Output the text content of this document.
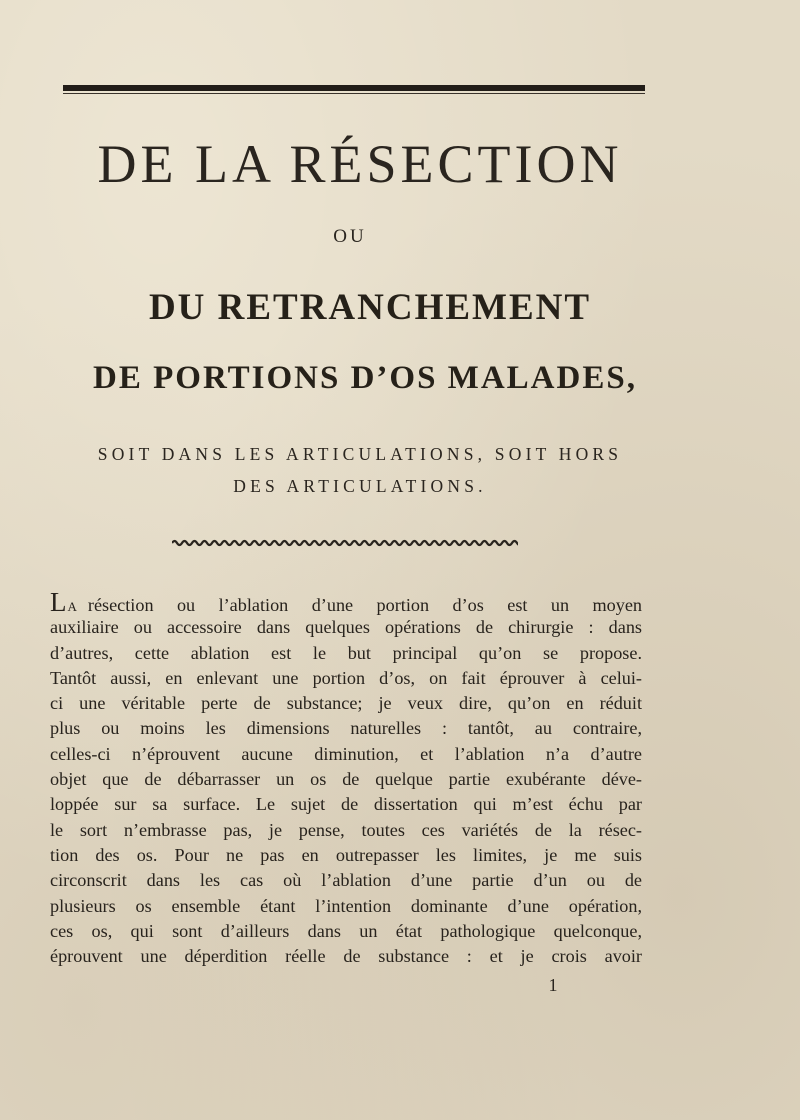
DE LA RÉSECTION
OU
DU RETRANCHEMENT
DE PORTIONS D’OS MALADES,
SOIT DANS LES ARTICULATIONS, SOIT HORS
DES ARTICULATIONS.
LA résection ou l’ablation d’une portion d’os est un moyen
auxiliaire ou accessoire dans quelques opérations de chirurgie : dans
d’autres, cette ablation est le but principal qu’on se propose.
Tantôt aussi, en enlevant une portion d’os, on fait éprouver à celui-
ci une véritable perte de substance; je veux dire, qu’on en réduit
plus ou moins les dimensions naturelles : tantôt, au contraire,
celles-ci n’éprouvent aucune diminution, et l’ablation n’a d’autre
objet que de débarrasser un os de quelque partie exubérante déve-
loppée sur sa surface. Le sujet de dissertation qui m’est échu par
le sort n’embrasse pas, je pense, toutes ces variétés de la résec-
tion des os. Pour ne pas en outrepasser les limites, je me suis
circonscrit dans les cas où l’ablation d’une partie d’un ou de
plusieurs os ensemble étant l’intention dominante d’une opération,
ces os, qui sont d’ailleurs dans un état pathologique quelconque,
éprouvent une déperdition réelle de substance : et je crois avoir
1
